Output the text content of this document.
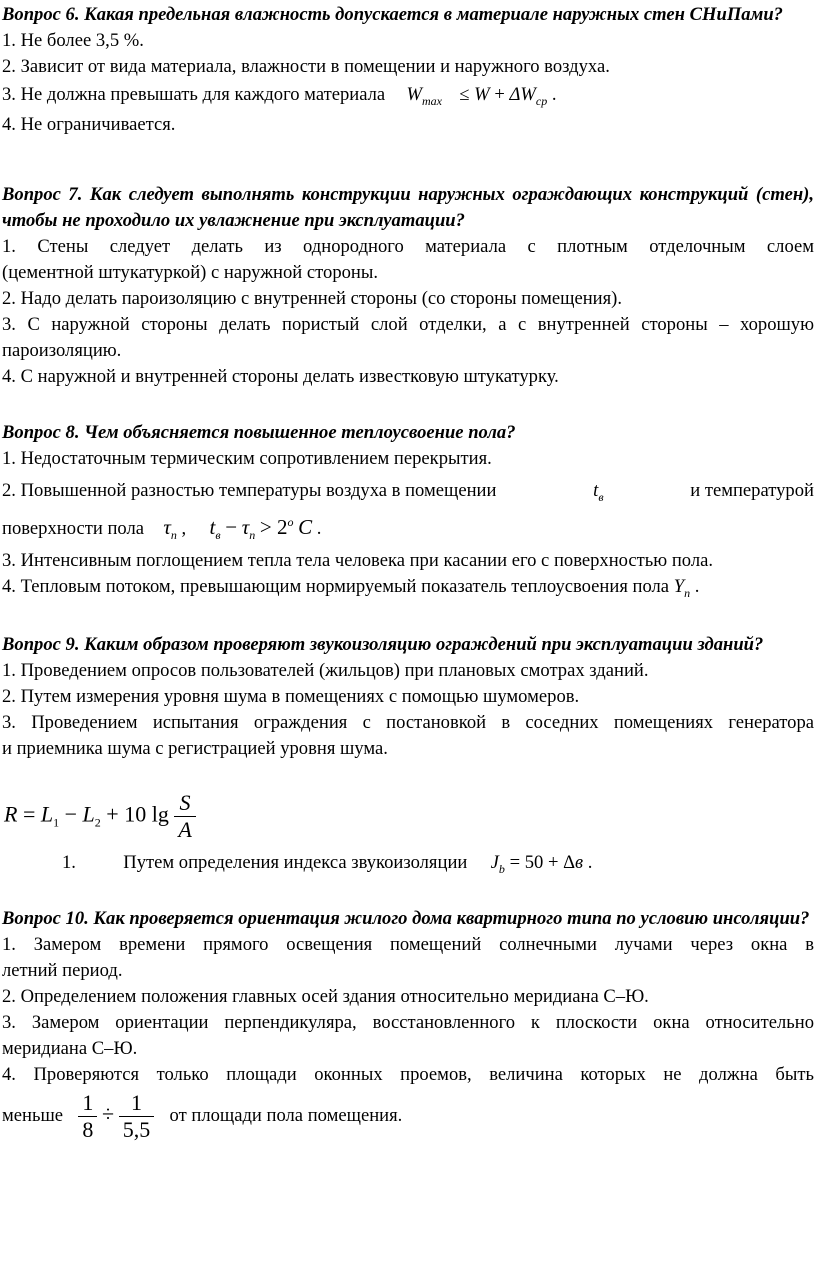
Вопрос 6. Какая предельная влажность допускается в материале наружных стен СНиПами?

1. Не более 3,5 %.

2. Зависит от вида материала, влажности в помещении и наружного воздуха.

3. Не должна превышать для каждого материала $W_{max} \le W + \Delta W_{cp}$ .

4. Не ограничивается.

Вопрос 7. Как следует выполнять конструкции наружных ограждающих конструкций (стен), чтобы не проходило их увлажнение при эксплуатации?

1. Стены следует делать из однородного материала с плотным отделочным слоем

(цементной штукатуркой) с наружной стороны.

2. Надо делать пароизоляцию с внутренней стороны (со стороны помещения).

3. С наружной стороны делать пористый слой отделки, а с внутренней стороны – хорошую

пароизоляцию.

4. С наружной и внутренней стороны делать известковую штукатурку.

Вопрос 8. Чем объясняется повышенное теплоусвоение пола?

1. Недостаточным термическим сопротивлением перекрытия.

2. Повышенной разностью температуры воздуха в помещении	$t_в$	и температурой

поверхности пола $\tau_п$ , $t_в - \tau_п > 2^o$ C .

3. Интенсивным поглощением тепла тела человека при касании его с поверхностью пола.

4. Тепловым потоком, превышающим нормируемый показатель теплоусвоения пола $Y_п$ .

Вопрос 9. Каким образом проверяют звукоизоляцию ограждений при эксплуатации зданий?

1. Проведением опросов пользователей (жильцов) при плановых смотрах зданий.

2. Путем измерения уровня шума в помещениях с помощью шумомеров.

3. Проведением испытания ограждения с постановкой в соседних помещениях генератора

и приемника шума с регистрацией уровня шума.

$R = L_1 - L_2 + 10$ $\lg \frac{S}{A}$

1.	Путем определения индекса звукоизоляции $J_b = 50 + \Delta в$ .

Вопрос 10. Как проверяется ориентация жилого дома квартирного типа по условию инсоляции?

1. Замером времени прямого освещения помещений солнечными лучами через окна в

летний период.

2. Определением положения главных осей здания относительно меридиана С–Ю.

3. Замером ориентации перпендикуляра, восстановленного к плоскости окна относительно

меридиана С–Ю.

4. Проверяются только площади оконных проемов, величина которых не должна быть

меньше $\frac{1}{8} \div \frac{1}{5,5}$ от площади пола помещения.
